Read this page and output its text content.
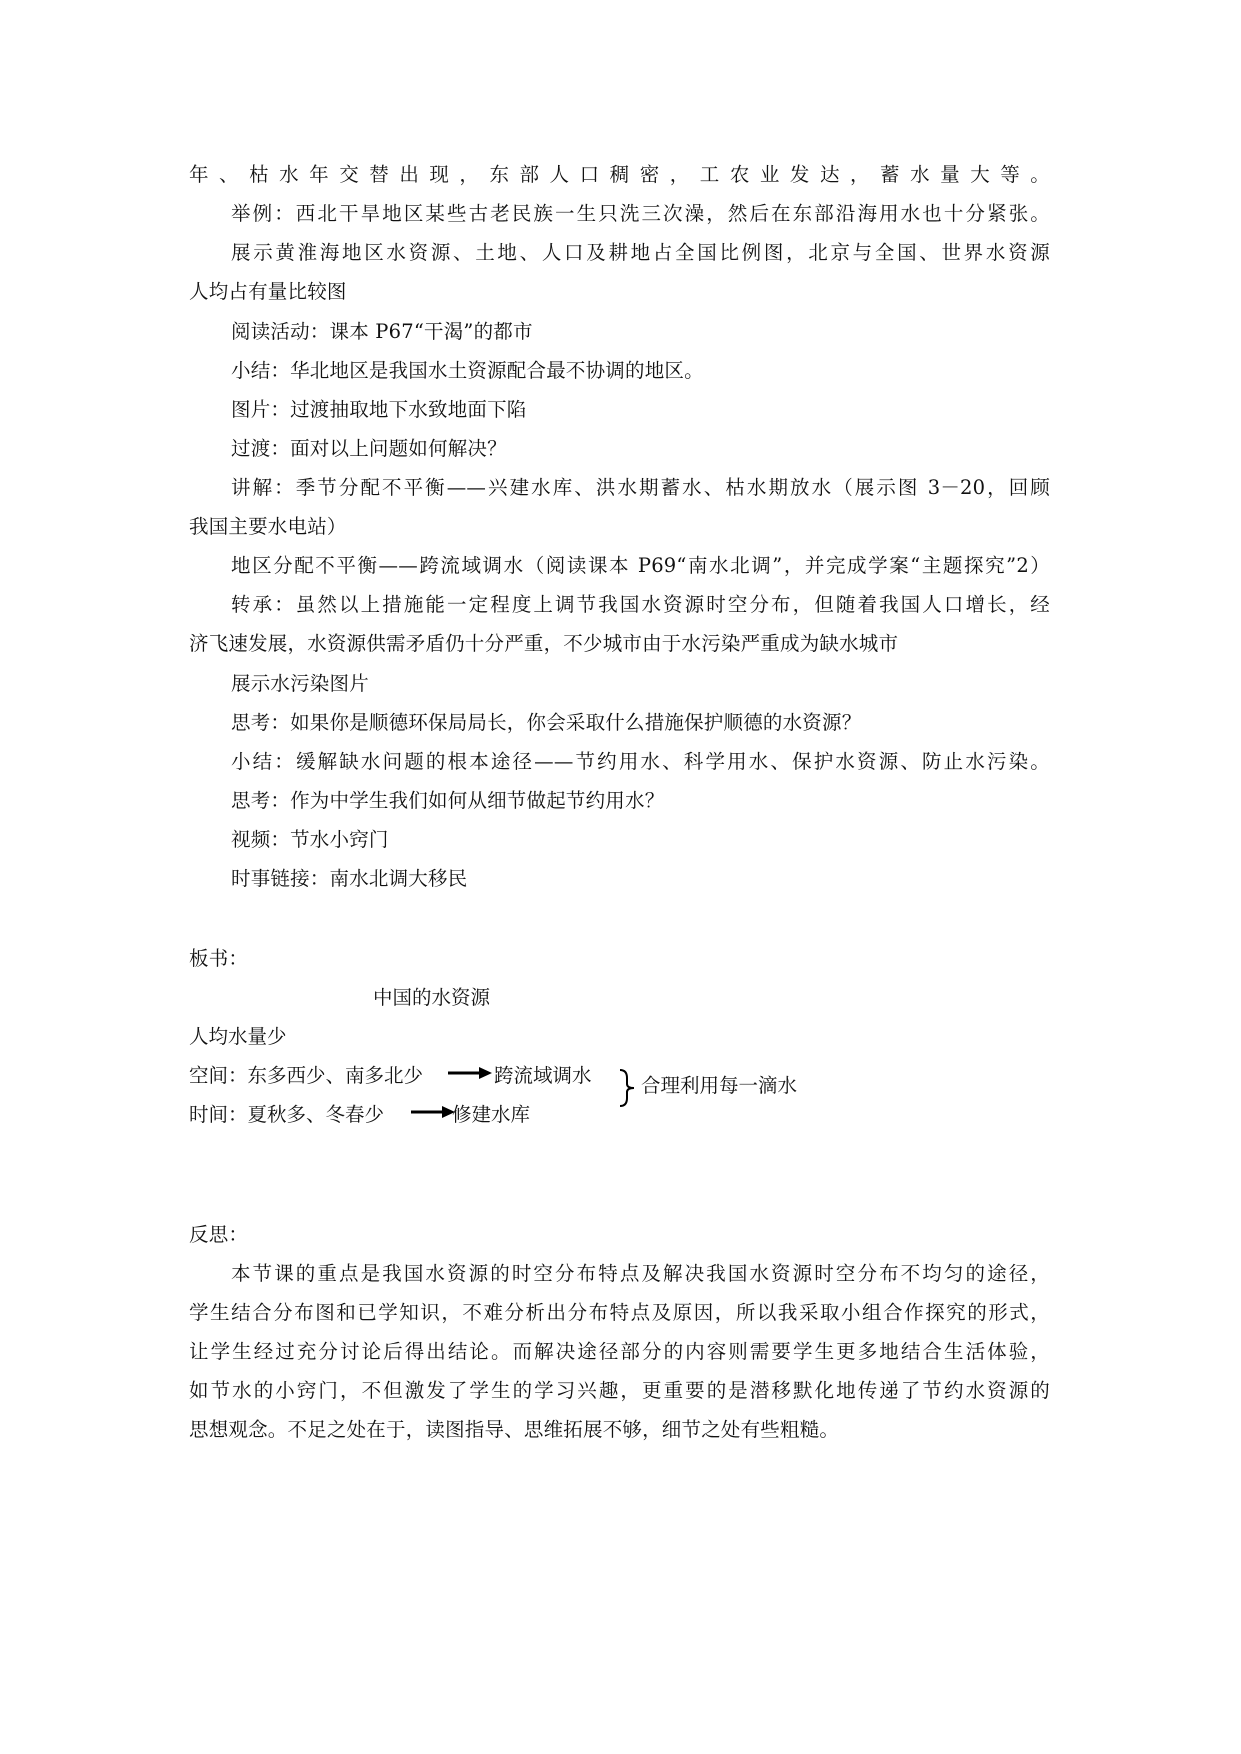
年、枯水年交替出现，东部人口稠密，工农业发达，蓄水量大等。
举例：西北干旱地区某些古老民族一生只洗三次澡，然后在东部沿海用水也十分紧张。
展示黄淮海地区水资源、土地、人口及耕地占全国比例图，北京与全国、世界水资源
人均占有量比较图
阅读活动：课本 P67“干渴”的都市
小结：华北地区是我国水土资源配合最不协调的地区。
图片：过渡抽取地下水致地面下陷
过渡：面对以上问题如何解决？
讲解：季节分配不平衡——兴建水库、洪水期蓄水、枯水期放水（展示图 3－20，回顾
我国主要水电站）
地区分配不平衡——跨流域调水（阅读课本 P69“南水北调”，并完成学案“主题探究”2）
转承：虽然以上措施能一定程度上调节我国水资源时空分布，但随着我国人口增长，经
济飞速发展，水资源供需矛盾仍十分严重，不少城市由于水污染严重成为缺水城市
展示水污染图片
思考：如果你是顺德环保局局长，你会采取什么措施保护顺德的水资源？
小结：缓解缺水问题的根本途径——节约用水、科学用水、保护水资源、防止水污染。
思考：作为中学生我们如何从细节做起节约用水？
视频：节水小窍门
时事链接：南水北调大移民
板书：
中国的水资源
人均水量少
空间：东多西少、南多北少	跨流域调水	合理利用每一滴水
时间：夏秋多、冬春少	修建水库
反思：
本节课的重点是我国水资源的时空分布特点及解决我国水资源时空分布不均匀的途径，
学生结合分布图和已学知识，不难分析出分布特点及原因，所以我采取小组合作探究的形式，
让学生经过充分讨论后得出结论。而解决途径部分的内容则需要学生更多地结合生活体验，
如节水的小窍门，不但激发了学生的学习兴趣，更重要的是潜移默化地传递了节约水资源的
思想观念。不足之处在于，读图指导、思维拓展不够，细节之处有些粗糙。
